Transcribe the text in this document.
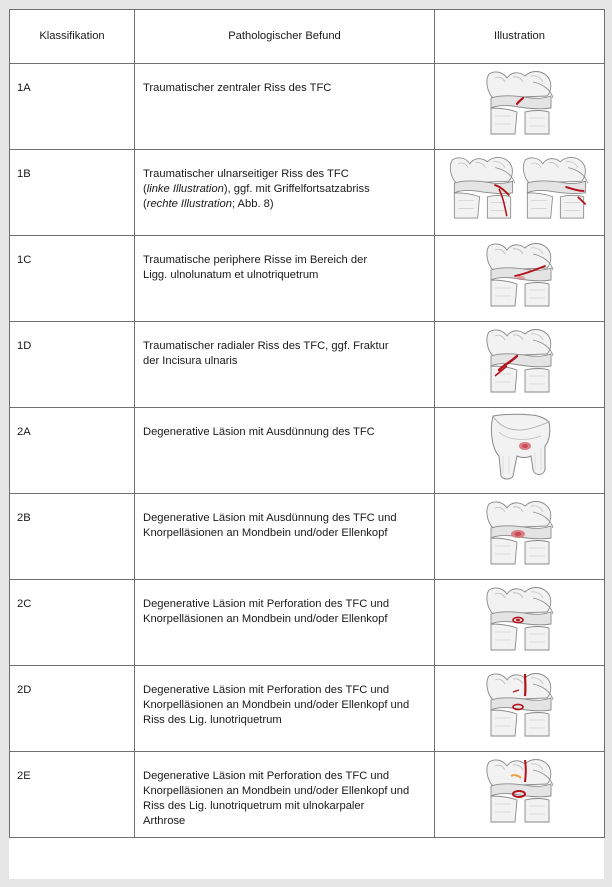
Klassifikation	Pathologischer Befund	Illustration
1A	Traumatischer zentraler Riss des TFC

1B	Traumatischer ulnarseitiger Riss des TFC
(linke Illustration), ggf. mit Griffelfortsatzabriss
(rechte Illustration; Abb. 8)

1C	Traumatische periphere Risse im Bereich der
Ligg. ulnolunatum et ulnotriquetrum

1D	Traumatischer radialer Riss des TFC, ggf. Fraktur
der Incisura ulnaris

2A	Degenerative Läsion mit Ausdünnung des TFC

2B	Degenerative Läsion mit Ausdünnung des TFC und
Knorpelläsionen an Mondbein und/oder Ellenkopf

2C	Degenerative Läsion mit Perforation des TFC und
Knorpelläsionen an Mondbein und/oder Ellenkopf

2D	Degenerative Läsion mit Perforation des TFC und
Knorpelläsionen an Mondbein und/oder Ellenkopf und
Riss des Lig. lunotriquetrum

2E	Degenerative Läsion mit Perforation des TFC und
Knorpelläsionen an Mondbein und/oder Ellenkopf und
Riss des Lig. lunotriquetrum mit ulnokarpaler
Arthrose
